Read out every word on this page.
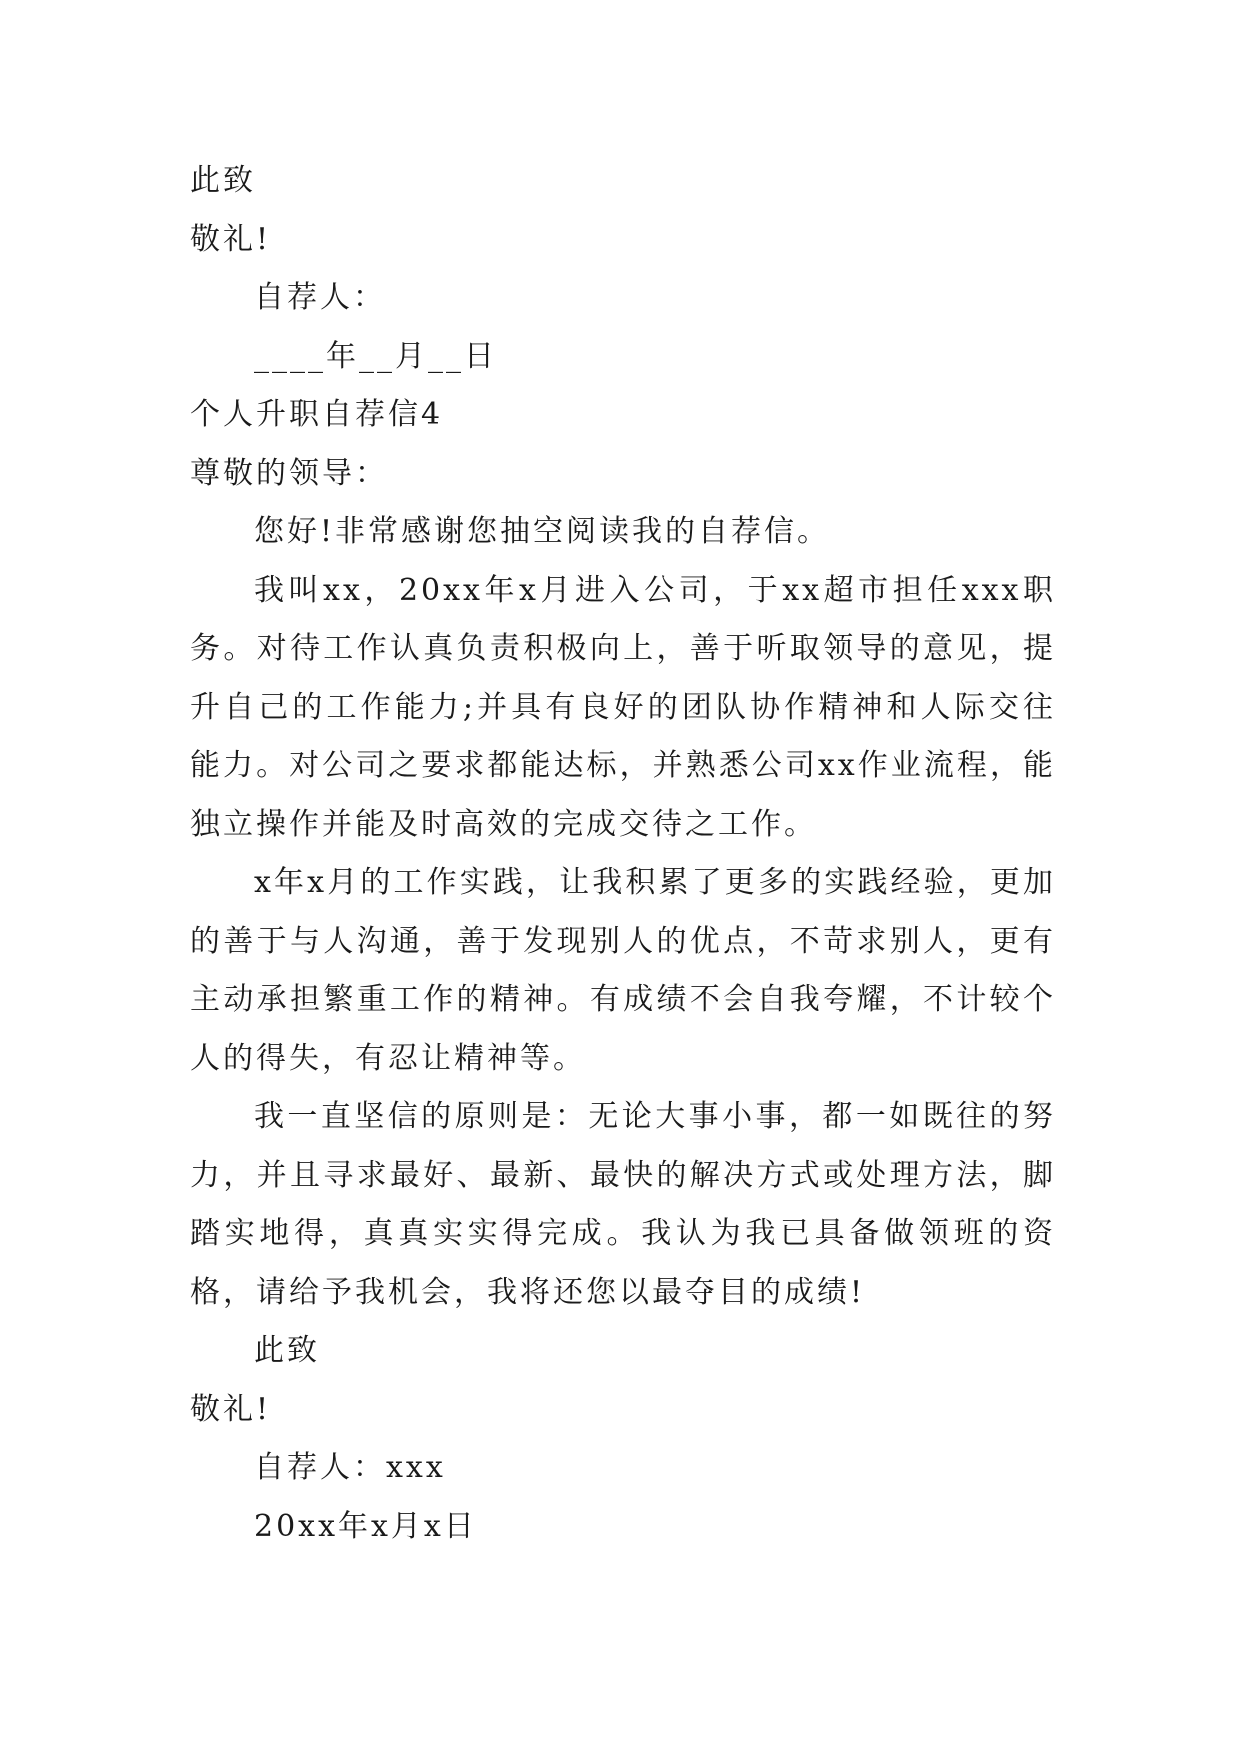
此致

敬礼!

自荐人：

____年__月__日

个人升职自荐信4

尊敬的领导：

您好!非常感谢您抽空阅读我的自荐信。

我叫xx，20xx年x月进入公司，于xx超市担任xxx职务。对待工作认真负责积极向上，善于听取领导的意见，提升自己的工作能力;并具有良好的团队协作精神和人际交往能力。对公司之要求都能达标，并熟悉公司xx作业流程，能独立操作并能及时高效的完成交待之工作。

x年x月的工作实践，让我积累了更多的实践经验，更加的善于与人沟通，善于发现别人的优点，不苛求别人，更有主动承担繁重工作的精神。有成绩不会自我夸耀，不计较个人的得失，有忍让精神等。

我一直坚信的原则是：无论大事小事，都一如既往的努力，并且寻求最好、最新、最快的解决方式或处理方法，脚踏实地得，真真实实得完成。我认为我已具备做领班的资格，请给予我机会，我将还您以最夺目的成绩!

此致

敬礼!

自荐人：xxx

20xx年x月x日
